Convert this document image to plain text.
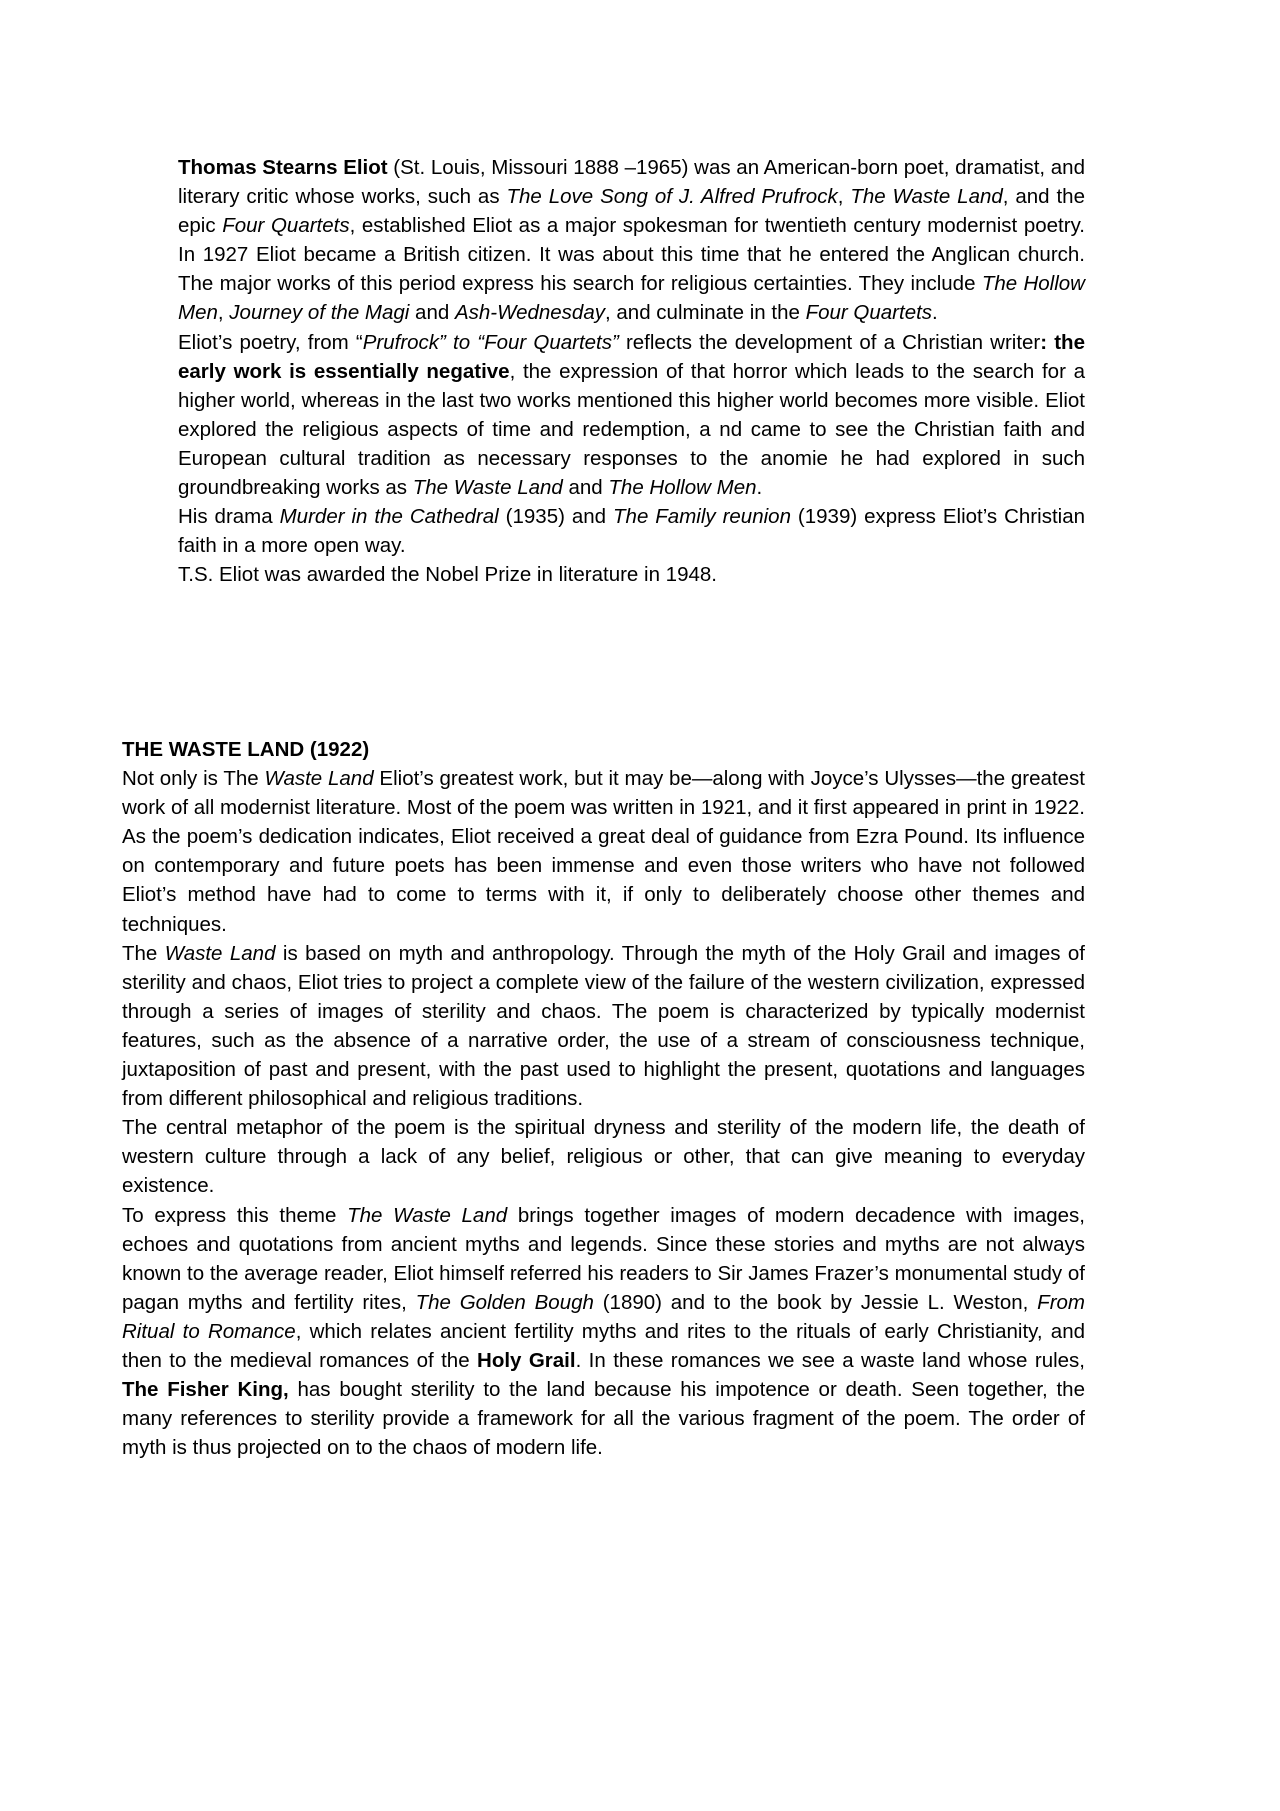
Thomas Stearns Eliot (St. Louis, Missouri 1888 –1965) was an American-born poet, dramatist, and literary critic whose works, such as The Love Song of J. Alfred Prufrock, The Waste Land, and the epic Four Quartets, established Eliot as a major spokesman for twentieth century modernist poetry. In 1927 Eliot became a British citizen. It was about this time that he entered the Anglican church. The major works of this period express his search for religious certainties. They include The Hollow Men, Journey of the Magi and Ash-Wednesday, and culminate in the Four Quartets.

Eliot’s poetry, from “Prufrock” to “Four Quartets” reflects the development of a Christian writer: the early work is essentially negative, the expression of that horror which leads to the search for a higher world, whereas in the last two works mentioned this higher world becomes more visible. Eliot explored the religious aspects of time and redemption, a nd came to see the Christian faith and European cultural tradition as necessary responses to the anomie he had explored in such groundbreaking works as The Waste Land and The Hollow Men.

His drama Murder in the Cathedral (1935) and The Family reunion (1939) express Eliot’s Christian faith in a more open way.

T.S. Eliot was awarded the Nobel Prize in literature in 1948.

THE WASTE LAND (1922)

Not only is The Waste Land Eliot’s greatest work, but it may be—along with Joyce’s Ulysses—the greatest work of all modernist literature. Most of the poem was written in 1921, and it first appeared in print in 1922. As the poem’s dedication indicates, Eliot received a great deal of guidance from Ezra Pound. Its influence on contemporary and future poets has been immense and even those writers who have not followed Eliot’s method have had to come to terms with it, if only to deliberately choose other themes and techniques.

The Waste Land is based on myth and anthropology. Through the myth of the Holy Grail and images of sterility and chaos, Eliot tries to project a complete view of the failure of the western civilization, expressed through a series of images of sterility and chaos. The poem is characterized by typically modernist features, such as the absence of a narrative order, the use of a stream of consciousness technique, juxtaposition of past and present, with the past used to highlight the present, quotations and languages from different philosophical and religious traditions.

The central metaphor of the poem is the spiritual dryness and sterility of the modern life, the death of western culture through a lack of any belief, religious or other, that can give meaning to everyday existence.

To express this theme The Waste Land brings together images of modern decadence with images, echoes and quotations from ancient myths and legends. Since these stories and myths are not always known to the average reader, Eliot himself referred his readers to Sir James Frazer’s monumental study of pagan myths and fertility rites, The Golden Bough (1890) and to the book by Jessie L. Weston, From Ritual to Romance, which relates ancient fertility myths and rites to the rituals of early Christianity, and then to the medieval romances of the Holy Grail. In these romances we see a waste land whose rules, The Fisher King, has bought sterility to the land because his impotence or death. Seen together, the many references to sterility provide a framework for all the various fragment of the poem. The order of myth is thus projected on to the chaos of modern life.
